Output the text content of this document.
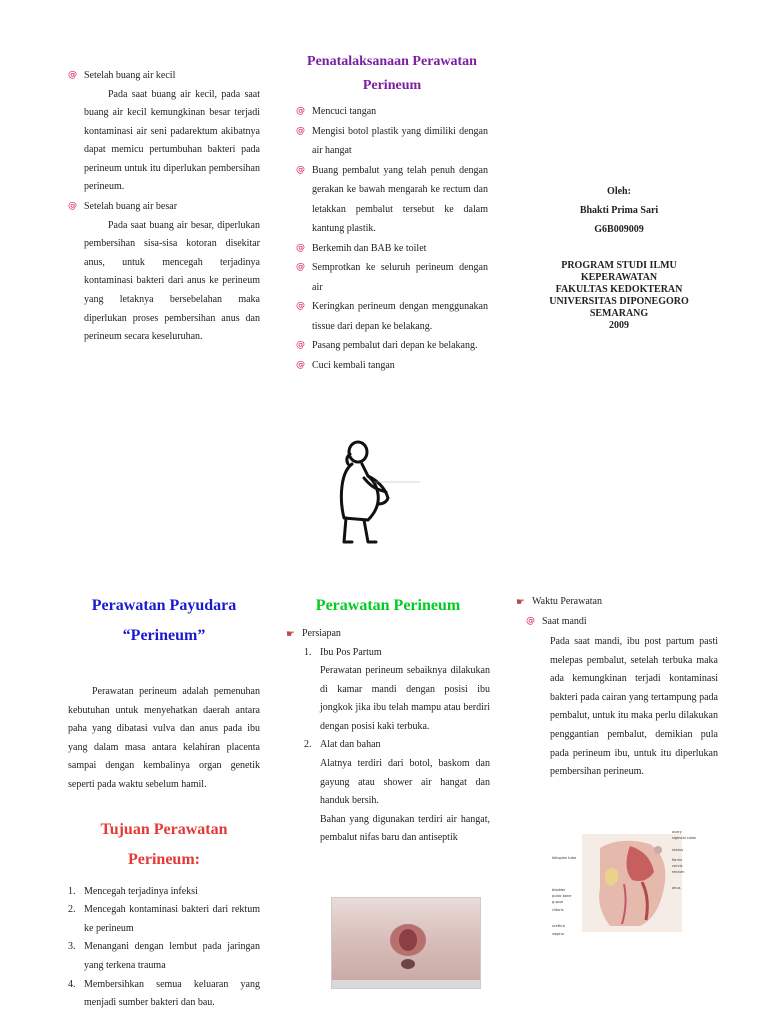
@ Setelah buang air kecil

Pada saat buang air kecil, pada saat buang air kecil kemungkinan besar terjadi kontaminasi air seni padarektum akibatnya dapat memicu pertumbuhan bakteri pada perineum untuk itu diperlukan pembersihan perineum.

@ Setelah buang air besar

Pada saat buang air besar, diperlukan pembersihan sisa-sisa kotoran disekitar anus, untuk mencegah terjadinya kontaminasi bakteri dari anus ke perineum yang letaknya bersebelahan maka diperlukan proses pembersihan anus dan perineum secara keseluruhan.

Penatalaksanaan Perawatan

Perineum

@ Mencuci tangan

@ Mengisi botol plastik yang dimiliki dengan air hangat

@ Buang pembalut yang telah penuh dengan gerakan ke bawah mengarah ke rectum dan letakkan pembalut tersebut ke dalam kantung plastik.

@ Berkemih dan BAB ke toilet

@ Semprotkan ke seluruh perineum dengan air

@ Keringkan perineum dengan menggunakan tissue dari depan ke belakang.

@ Pasang pembalut dari depan ke belakang.

@ Cuci kembali tangan

Oleh:
Bhakti Prima Sari
G6B009009
PROGRAM STUDI ILMU
KEPERAWATAN
FAKULTAS KEDOKTERAN
UNIVERSITAS DIPONEGORO
SEMARANG
2009

Perawatan Payudara

“Perineum”

Perawatan perineum adalah pemenuhan kebutuhan untuk menyehatkan daerah antara paha yang dibatasi vulva dan anus pada ibu yang dalam masa antara kelahiran placenta sampai dengan kembalinya organ genetik seperti pada waktu sebelum hamil.

Tujuan Perawatan

Perineum:

1. Mencegah terjadinya infeksi
2. Mencegah kontaminasi bakteri dari rektum ke perineum
3. Menangani dengan lembut pada jaringan yang terkena trauma
4. Membersihkan semua keluaran yang menjadi sumber bakteri dan bau.

Perawatan Perineum

☛ Persiapan

1. Ibu Pos Partum

Perawatan perineum sebaiknya dilakukan di kamar mandi dengan posisi ibu jongkok jika ibu telah mampu atau berdiri dengan posisi kaki terbuka.

2. Alat dan bahan

Alatnya terdiri dari botol, baskom dan gayung atau shower air hangat dan handuk bersih.

Bahan yang digunakan terdiri air hangat, pembalut nifas baru dan antiseptik

☛ Waktu Perawatan

@ Saat mandi

Pada saat mandi, ibu post partum pasti melepas pembalut, setelah terbuka maka ada kemungkinan terjadi kontaminasi bakteri pada cairan yang tertampung pada pembalut, untuk itu maka perlu dilakukan penggantian pembalut, demikian pula pada perineum ibu, untuk itu diperlukan pembersihan perineum.

fallopian tube
bladder
pubic bone
g-spot
clitoris
urethra
vagina
ovary
sigmoid colon
uterus
fornix
cervix
rectum
anus
